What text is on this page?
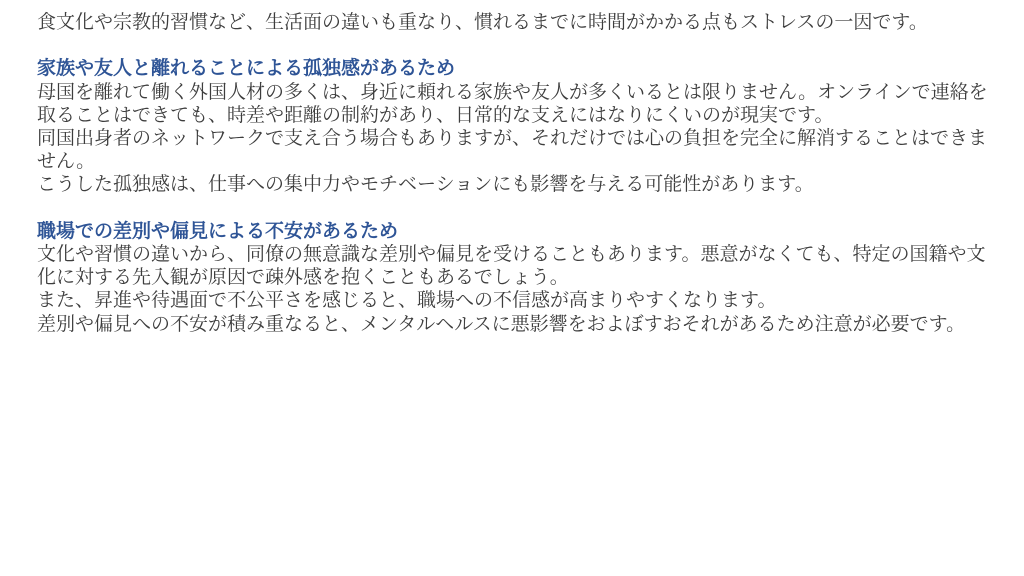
食文化や宗教的習慣など、生活面の違いも重なり、慣れるまでに時間がかかる点もストレスの一因です。

家族や友人と離れることによる孤独感があるため

母国を離れて働く外国人材の多くは、身近に頼れる家族や友人が多くいるとは限りません。オンラインで連絡を取ることはできても、時差や距離の制約があり、日常的な支えにはなりにくいのが現実です。

同国出身者のネットワークで支え合う場合もありますが、それだけでは心の負担を完全に解消することはできません。

こうした孤独感は、仕事への集中力やモチベーションにも影響を与える可能性があります。

職場での差別や偏見による不安があるため

文化や習慣の違いから、同僚の無意識な差別や偏見を受けることもあります。悪意がなくても、特定の国籍や文化に対する先入観が原因で疎外感を抱くこともあるでしょう。

また、昇進や待遇面で不公平さを感じると、職場への不信感が高まりやすくなります。

差別や偏見への不安が積み重なると、メンタルヘルスに悪影響をおよぼすおそれがあるため注意が必要です。
